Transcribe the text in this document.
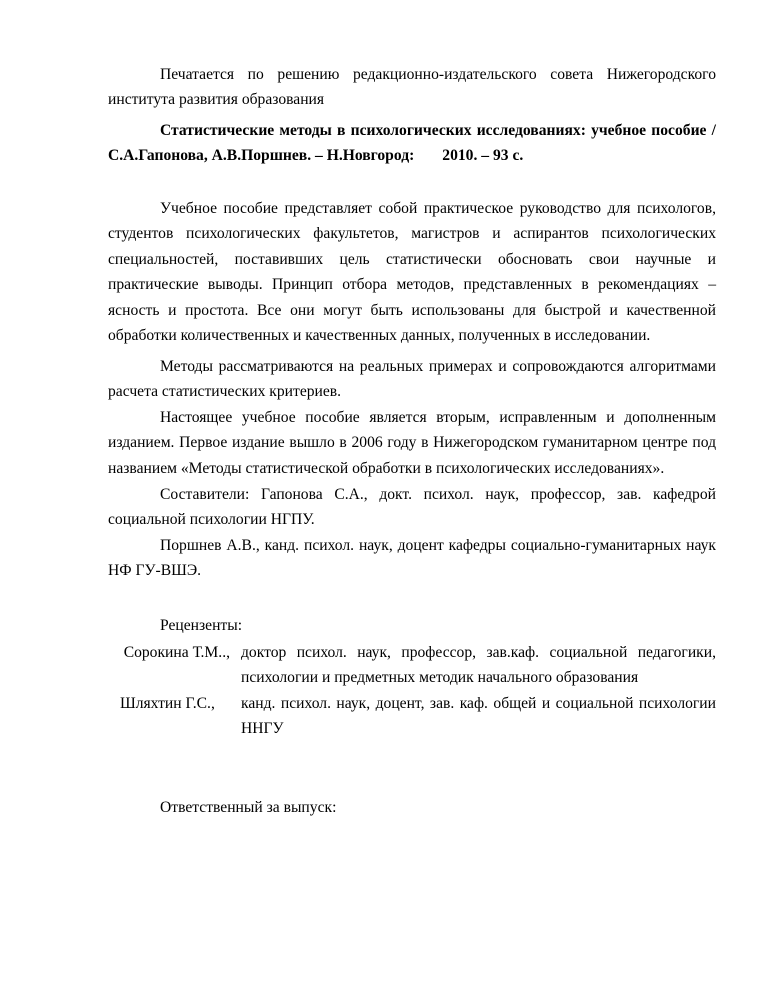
Печатается по решению редакционно-издательского совета Нижегородского института развития образования

Статистические методы в психологических исследованиях: учебное пособие /С.А.Гапонова, А.В.Поршнев. – Н.Новгород: 2010. – 93 с.

Учебное пособие представляет собой практическое руководство для психологов, студентов психологических факультетов, магистров и аспирантов психологических специальностей, поставивших цель статистически обосновать свои научные и практические выводы. Принцип отбора методов, представленных в рекомендациях – ясность и простота. Все они могут быть использованы для быстрой и качественной обработки количественных и качественных данных, полученных в исследовании.

Методы рассматриваются на реальных примерах и сопровождаются алгоритмами расчета статистических критериев.

Настоящее учебное пособие является вторым, исправленным и дополненным изданием. Первое издание вышло в 2006 году в Нижегородском гуманитарном центре под названием «Методы статистической обработки в психологических исследованиях».

Составители: Гапонова С.А., докт. психол. наук, профессор, зав. кафедрой социальной психологии НГПУ.

Поршнев А.В., канд. психол. наук, доцент кафедры социально-гуманитарных наук НФ ГУ-ВШЭ.

Рецензенты:

Сорокина Т.М.., доктор психол. наук, профессор, зав.каф. социальной педагогики, психологии и предметных методик начального образования
Шляхтин Г.С.,	канд. психол. наук, доцент, зав. каф. общей и социальной психологии ННГУ

Ответственный за выпуск:
